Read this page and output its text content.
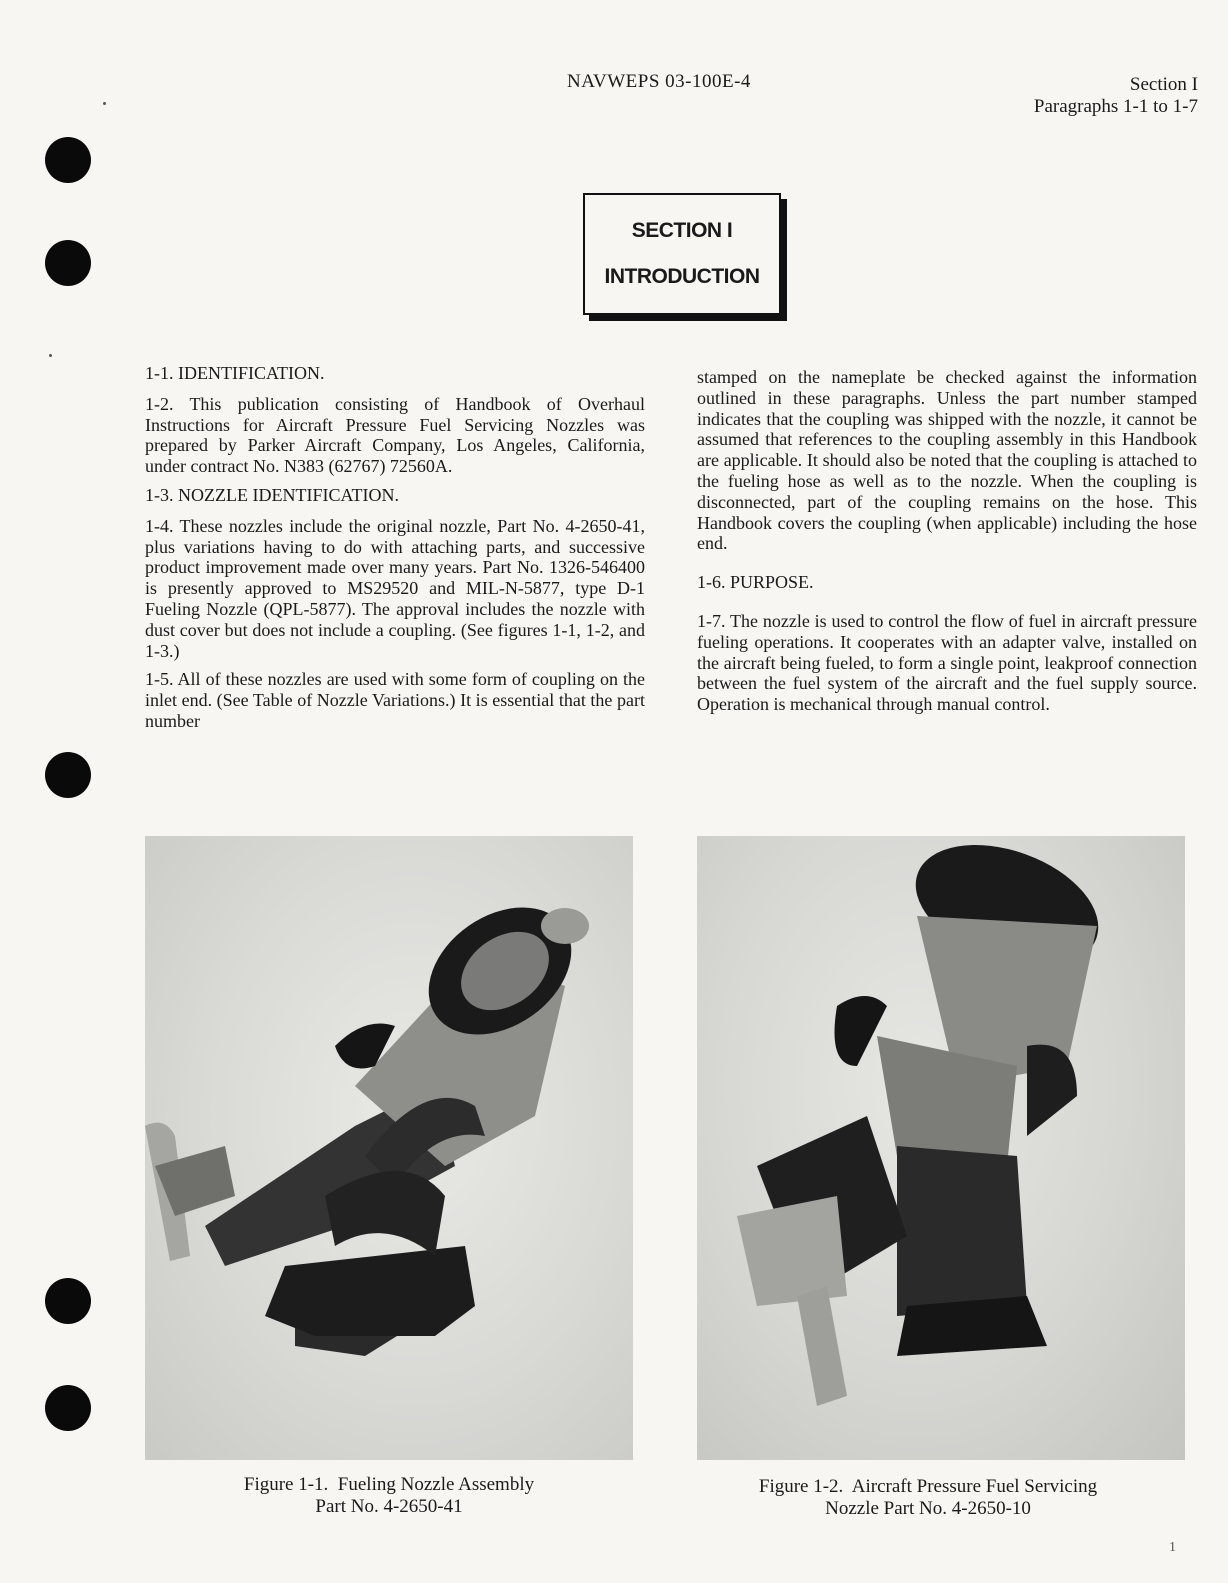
NAVWEPS 03-100E-4	Section I
Paragraphs 1-1 to 1-7
SECTION I
INTRODUCTION

1-1. IDENTIFICATION.

1-2. This publication consisting of Handbook of Overhaul Instructions for Aircraft Pressure Fuel Servicing Nozzles was prepared by Parker Aircraft Company, Los Angeles, California, under contract No. N383 (62767) 72560A.

1-3. NOZZLE IDENTIFICATION.

1-4. These nozzles include the original nozzle, Part No. 4-2650-41, plus variations having to do with attaching parts, and successive product improvement made over many years. Part No. 1326-546400 is presently approved to MS29520 and MIL-N-5877, type D-1 Fueling Nozzle (QPL-5877). The approval includes the nozzle with dust cover but does not include a coupling. (See figures 1-1, 1-2, and 1-3.)

1-5. All of these nozzles are used with some form of coupling on the inlet end. (See Table of Nozzle Variations.) It is essential that the part number

stamped on the nameplate be checked against the information outlined in these paragraphs. Unless the part number stamped indicates that the coupling was shipped with the nozzle, it cannot be assumed that references to the coupling assembly in this Handbook are applicable. It should also be noted that the coupling is attached to the fueling hose as well as to the nozzle. When the coupling is disconnected, part of the coupling remains on the hose. This Handbook covers the coupling (when applicable) including the hose end.

1-6. PURPOSE.

1-7. The nozzle is used to control the flow of fuel in aircraft pressure fueling operations. It cooperates with an adapter valve, installed on the aircraft being fueled, to form a single point, leakproof connection between the fuel system of the aircraft and the fuel supply source. Operation is mechanical through manual control.

Figure 1-1.  Fueling Nozzle Assembly
Part No. 4-2650-41
Figure 1-2.  Aircraft Pressure Fuel Servicing
Nozzle Part No. 4-2650-10
1
